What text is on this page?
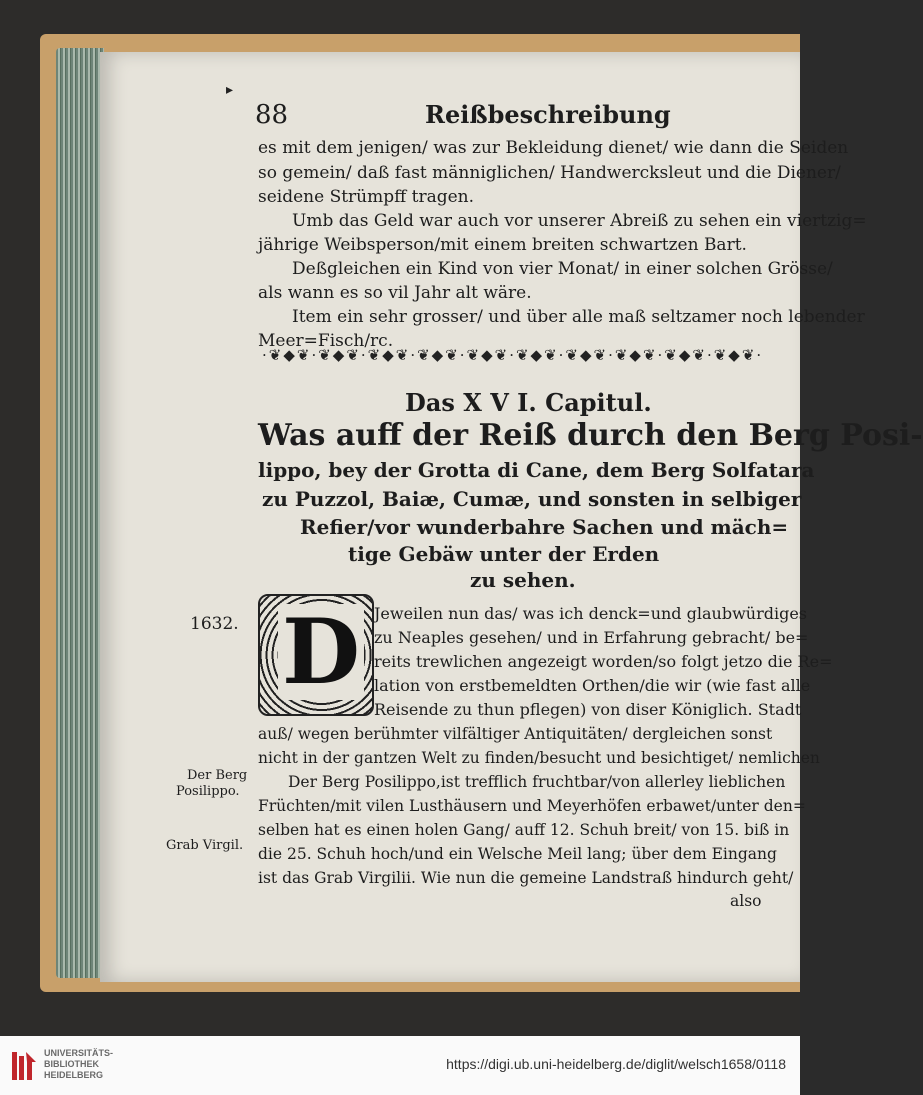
▸
88	Reißbeschreibung
es mit dem jenigen/ was zur Bekleidung dienet/ wie dann die Seiden
so gemein/ daß fast männiglichen/ Handwercksleut und die Diener/
seidene Strümpff tragen.
Umb das Geld war auch vor unserer Abreiß zu sehen ein viertzig=
jährige Weibsperson/mit einem breiten schwartzen Bart.
Deßgleichen ein Kind von vier Monat/ in einer solchen Grösse/
als wann es so vil Jahr alt wäre.
Item ein sehr grosser/ und über alle maß seltzamer noch lebender
Meer=Fisch/rc.
·❦◆❦·❦◆❦·❦◆❦·❦◆❦·❦◆❦·❦◆❦·❦◆❦·❦◆❦·❦◆❦·❦◆❦·
Das X V I. Capitul.
Was auff der Reiß durch den Berg Posi-
lippo, bey der Grotta di Cane, dem Berg Solfatara
zu Puzzol, Baiæ, Cumæ, und sonsten in selbiger
Refier/vor wunderbahre Sachen und mäch=
tige Gebäw unter der Erden
zu sehen.
D
1632.
Jeweilen nun das/ was ich denck=und glaubwürdiges
zu Neaples gesehen/ und in Erfahrung gebracht/ be=
reits trewlichen angezeigt worden/so folgt jetzo die Re=
lation von erstbemeldten Orthen/die wir (wie fast alle
Reisende zu thun pflegen) von diser Königlich. Stadt
auß/ wegen berühmter vilfältiger Antiquitäten/ dergleichen sonst
nicht in der gantzen Welt zu finden/besucht und besichtiget/ nemlichen
Der Berg Posilippo,ist trefflich fruchtbar/von allerley lieblichen
Früchten/mit vilen Lusthäusern und Meyerhöfen erbawet/unter den=
selben hat es einen holen Gang/ auff 12. Schuh breit/ von 15. biß in
die 25. Schuh hoch/und ein Welsche Meil lang; über dem Eingang
ist das Grab Virgilii. Wie nun die gemeine Landstraß hindurch geht/
also
Der Berg
Posilippo.
Grab Virgil.
UNIVERSITÄTS-
BIBLIOTHEK
HEIDELBERG
https://digi.ub.uni-heidelberg.de/diglit/welsch1658/0118
